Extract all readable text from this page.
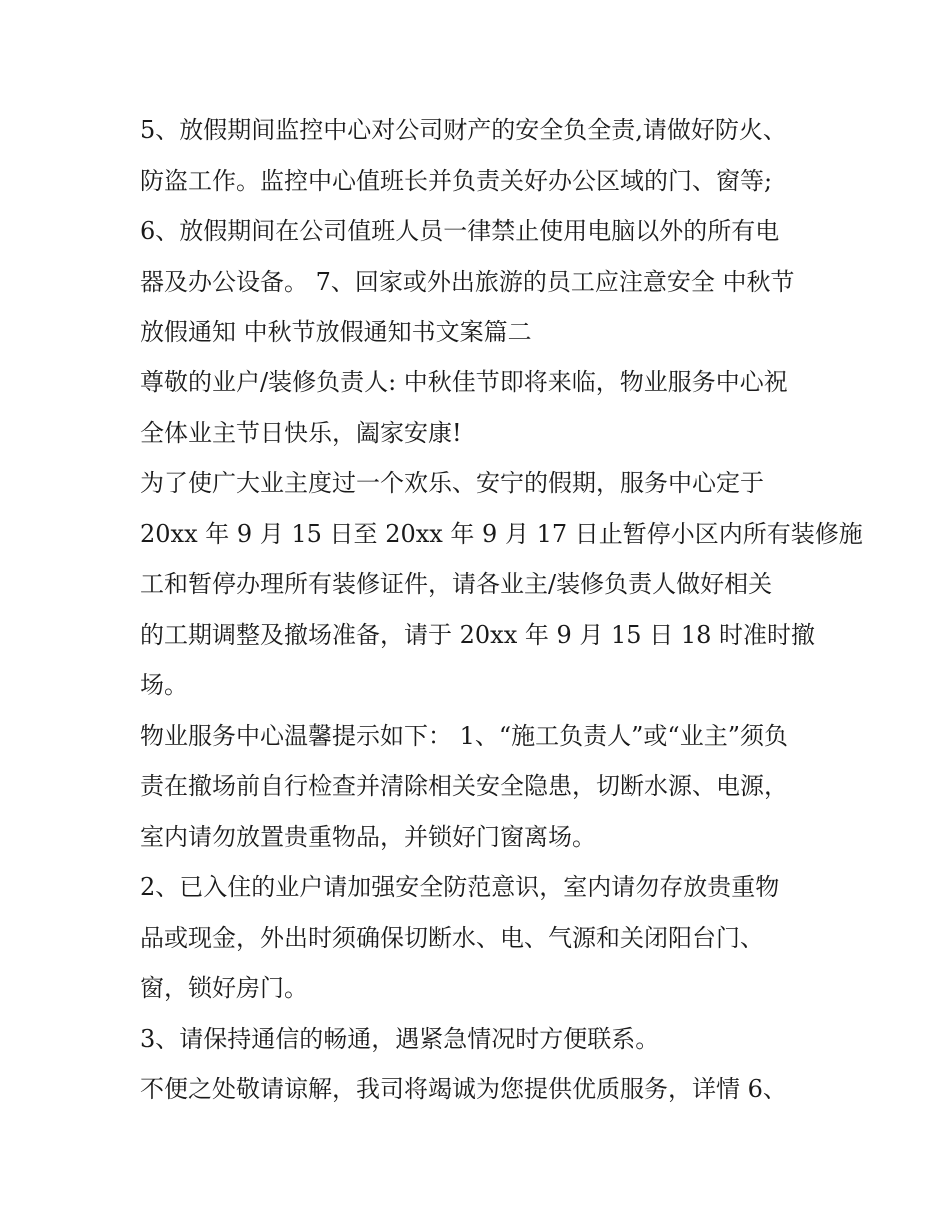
5、放假期间监控中心对公司财产的安全负全责,请做好防火、
防盗工作。监控中心值班长并负责关好办公区域的门、窗等;
6、放假期间在公司值班人员一律禁止使用电脑以外的所有电
器及办公设备。 7、回家或外出旅游的员工应注意安全 中秋节
放假通知 中秋节放假通知书文案篇二
尊敬的业户/装修负责人: 中秋佳节即将来临，物业服务中心祝
全体业主节日快乐，阖家安康!
为了使广大业主度过一个欢乐、安宁的假期，服务中心定于
20xx 年 9 月 15 日至 20xx 年 9 月 17 日止暂停小区内所有装修施
工和暂停办理所有装修证件，请各业主/装修负责人做好相关
的工期调整及撤场准备，请于 20xx 年 9 月 15 日 18 时准时撤
场。
物业服务中心温馨提示如下： 1、“施工负责人”或“业主”须负
责在撤场前自行检查并清除相关安全隐患，切断水源、电源，
室内请勿放置贵重物品，并锁好门窗离场。
2、已入住的业户请加强安全防范意识，室内请勿存放贵重物
品或现金，外出时须确保切断水、电、气源和关闭阳台门、
窗，锁好房门。
3、请保持通信的畅通，遇紧急情况时方便联系。
不便之处敬请谅解，我司将竭诚为您提供优质服务，详情 6、
